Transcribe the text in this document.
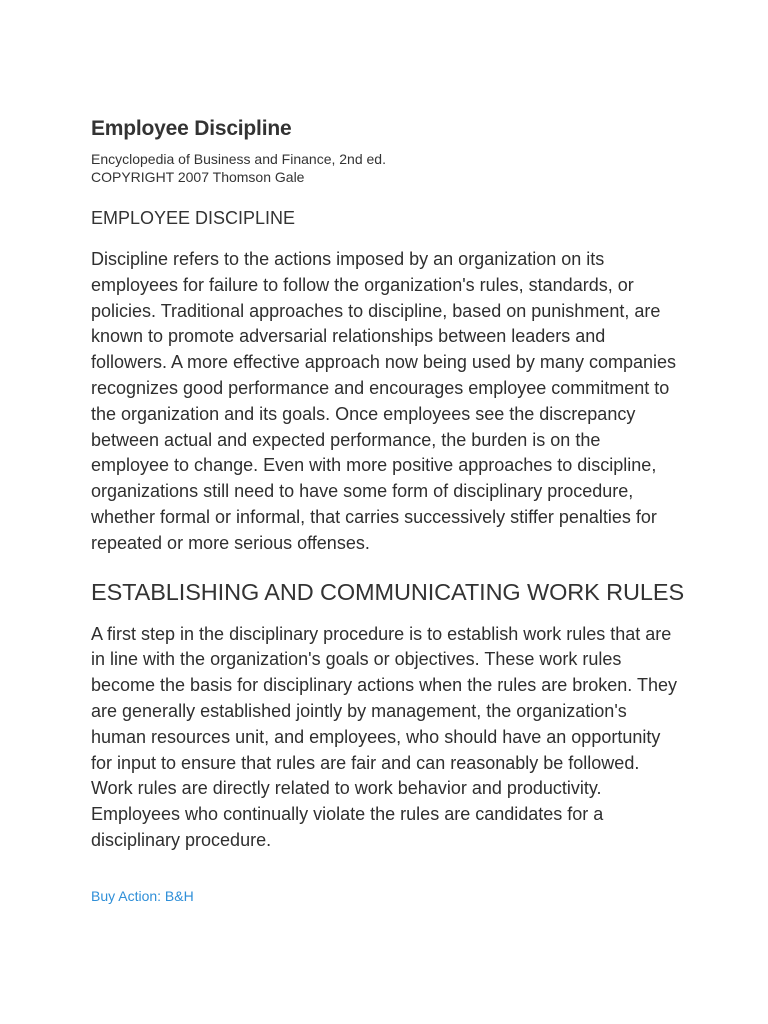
Employee Discipline
Encyclopedia of Business and Finance, 2nd ed.
COPYRIGHT 2007 Thomson Gale
EMPLOYEE DISCIPLINE

Discipline refers to the actions imposed by an organization on its employees for failure to follow the organization's rules, standards, or policies. Traditional approaches to discipline, based on punishment, are known to promote adversarial relationships between leaders and followers. A more effective approach now being used by many companies recognizes good performance and encourages employee commitment to the organization and its goals. Once employees see the discrepancy between actual and expected performance, the burden is on the employee to change. Even with more positive approaches to discipline, organizations still need to have some form of disciplinary procedure, whether formal or informal, that carries successively stiffer penalties for repeated or more serious offenses.

ESTABLISHING AND COMMUNICATING WORK RULES

A first step in the disciplinary procedure is to establish work rules that are in line with the organization's goals or objectives. These work rules become the basis for disciplinary actions when the rules are broken. They are generally established jointly by management, the organization's human resources unit, and employees, who should have an opportunity for input to ensure that rules are fair and can reasonably be followed. Work rules are directly related to work behavior and productivity. Employees who continually violate the rules are candidates for a disciplinary procedure.

Buy Action: B&H
